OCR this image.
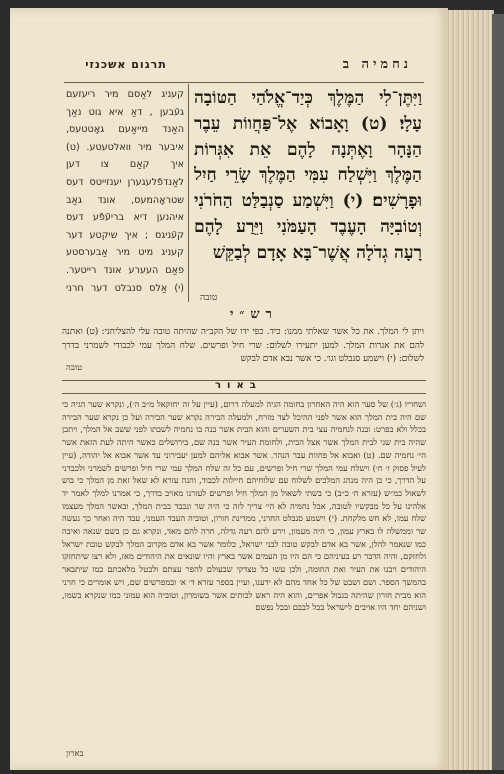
תרגום אשכנזי	נחמיה ב
קעניג לאַסם מיר ריעזעם געֿבען , דאַ איא גוט נאַך האַנד מייאַעם גאָטטעס, איבער מיר וואלטעטע. (ט) איך קאַם צו דען לאַנדפֿלעגערן יענזייטס דעס שטראָהמעס, אונד גאַב איהנען דיא בריעֿפֿע דעס קעֿניגס ; איך שיקטע דער קעניג מיט מיר אַבערסטע פאַם העערע אונד רייטער. (י) אַלס סנבלט דער חרני
וַיִּתֶּן־לִי הַמֶּלֶךְ כְּיַד־אֱלֹהַי הַטּוֹבָה עָלָי׃ (ט) וָאָבוֹא אֶל־פַּחֲווֹת עֵבֶר הַנָּהָר וָאֶתְּנָה לָהֶם אֵת אִגְּרוֹת הַמֶּלֶךְ וַיִּשְׁלַח עִמִּי הַמֶּלֶךְ שָׂרֵי חַיִל וּפָרָשִׁים׃ (י) וַיִּשְׁמַע סַנְבַלַּט הַחֹרֹנִי וְטוֹבִיָּה הָעֶבֶד הָעַמֹּנִי וַיֵּרַע לָהֶם רָעָה גְדֹלָה אֲשֶׁר־בָּא אָדָם לְבַקֵּשׁ
טובה
רש״י
ויתן לי המלך. את כל אשר שאלתי ממנו: כיד. כפי ידו של הקב״ה שהיתה טובה עלי להצליחני: (ט) ואתנה להם את אגרות המלך. למען יתעירו לשלום: שרי חיל ופרשים. שלח המלך עמי לכבודי לשמרני בדרך לשלום: (י) וישמע סנבלט וגו׳. כי אשר נבא אדם לבקש
טובה
באור
ושחריו (ג׳) של סער הוא היה האחרון בחומה הגיה למעלה דרום, (עיין על זה יחזקאל מ״ב ה׳), ונקרא שער הגיה כי שם היה בית המלך הוא אשר לפני ההיכל לצד מזרח, ולמעלה הבירה נקרא שער הבירה ועל כן נקרא שער הבירה בכלל ולא בפרט: ובנה לנחמיה עצי בית השערים והוא הבית אשר בנה בו נחמיה לשבתו לפני ששב אל המלך, ויתכן שהיה בית שני לבית המלך אשר אצל הבית, ולחומת העיר אשר בנה שם, בירושלים כאשר היתה לעת הזאת אשר הי׳ נחמיה שם. (ט) ואבוא אל פחוות עבר הנהר. אשר אבוא אליהם למען יעבירוני עד אשר אבוא אל יהודה, (עיין לעיל פסוק ז׳ ח׳) וישלח עמי המלך שרי חיל ופרשים, עם כל זה שלח המלך עמי שרי חיל ופרשים לשמרני ולכבדני על הדרך, כי כן היה מנהג המלכים לשלוח עם שלוחיהם חיילות לכבוד, והנה עזרא לא שאל זאת מן המלך כי בוש לשאול כמ״ש (עזרא ח׳ כ״ב) כי בשתי לשאול מן המלך חיל ופרשים לעזרנו מאויב בדרך, כי אמרנו למלך לאמר יד אלהינו על כל מבקשיו לטובה, אבל נחמיה לא הי׳ צריך לזה כי היה שר ונכבד בבית המלך, ובאשר המלך מעצמו שלח עמו, לא חש מלקחת. (י) וישמע סנבלט החרני, ממדינת חורון, וטוביה העבד העמני, עבד היה ואחר כך נעשה שר וממשלה לו בארץ עמון, כי היה מעמון, וירע להם רעה גדלה, חרה להם מאד, ונקרא גם כן בשם שנאה ואיבה כמו שנאמר להלן, אשר בא אדם לבקש טובה לבני ישראל, כלומר אשר בא אדם מקרוב המלך לבקש טובת ישראל ולחזקם, והיה הדבר רע בעיניהם כי הם היו מן העמים אשר בארץ והיו שונאים את היהודים מאז, ולא רצו שיתחזקו היהודים ויבנו את העיר ואת החומה, ולכן עשו כל טצדקי שבעולם להפר עצתם ולבטל מלאכתם כמו שיתבאר בהמשך הספר. ושם ושבט של כל אחד מהם לא ידענו, ועיין בספר עזרא ד׳ א׳ ובמפרשים שם, ויש אומרים כי חרני הוא מבית חורון שהיתה בגבול אפרים, והוא היה ראש לכותים אשר בשומרון, וטוביה הוא עמוני כמו שנקרא בשמו, ושניהם יחד היו אויבים לישראל בכל לבבם ובכל נפשם
בארון
